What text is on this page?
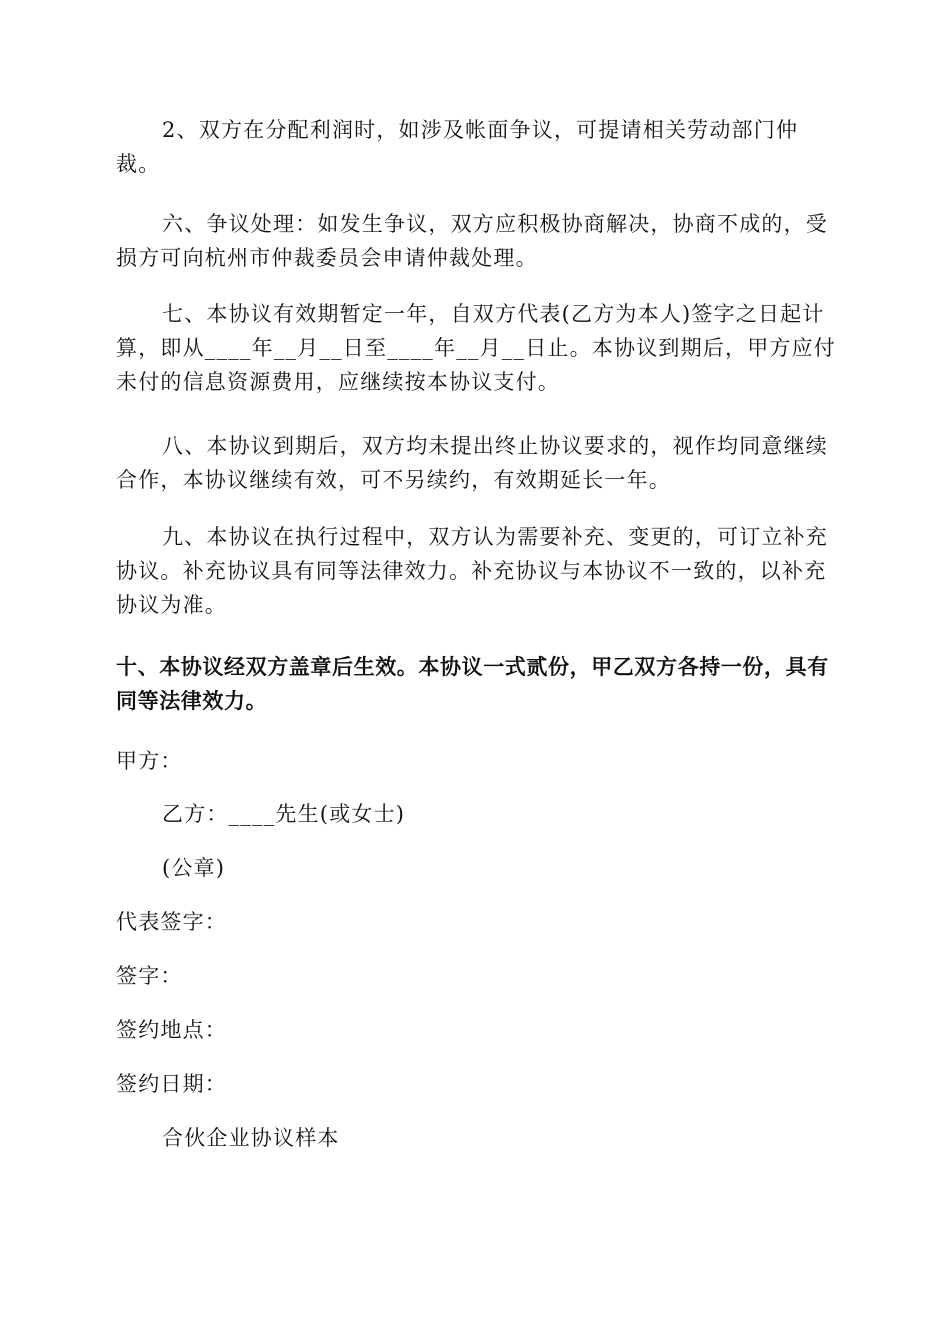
2、双方在分配利润时，如涉及帐面争议，可提请相关劳动部门仲裁。

六、争议处理：如发生争议，双方应积极协商解决，协商不成的，受损方可向杭州市仲裁委员会申请仲裁处理。

七、本协议有效期暂定一年，自双方代表(乙方为本人)签字之日起计算，即从____年__月__日至____年__月__日止。本协议到期后，甲方应付未付的信息资源费用，应继续按本协议支付。

八、本协议到期后，双方均未提出终止协议要求的，视作均同意继续合作，本协议继续有效，可不另续约，有效期延长一年。

九、本协议在执行过程中，双方认为需要补充、变更的，可订立补充协议。补充协议具有同等法律效力。补充协议与本协议不一致的，以补充协议为准。

十、本协议经双方盖章后生效。本协议一式贰份，甲乙双方各持一份，具有同等法律效力。

甲方：

乙方：____先生(或女士)

(公章)

代表签字：

签字：

签约地点：

签约日期：

合伙企业协议样本
